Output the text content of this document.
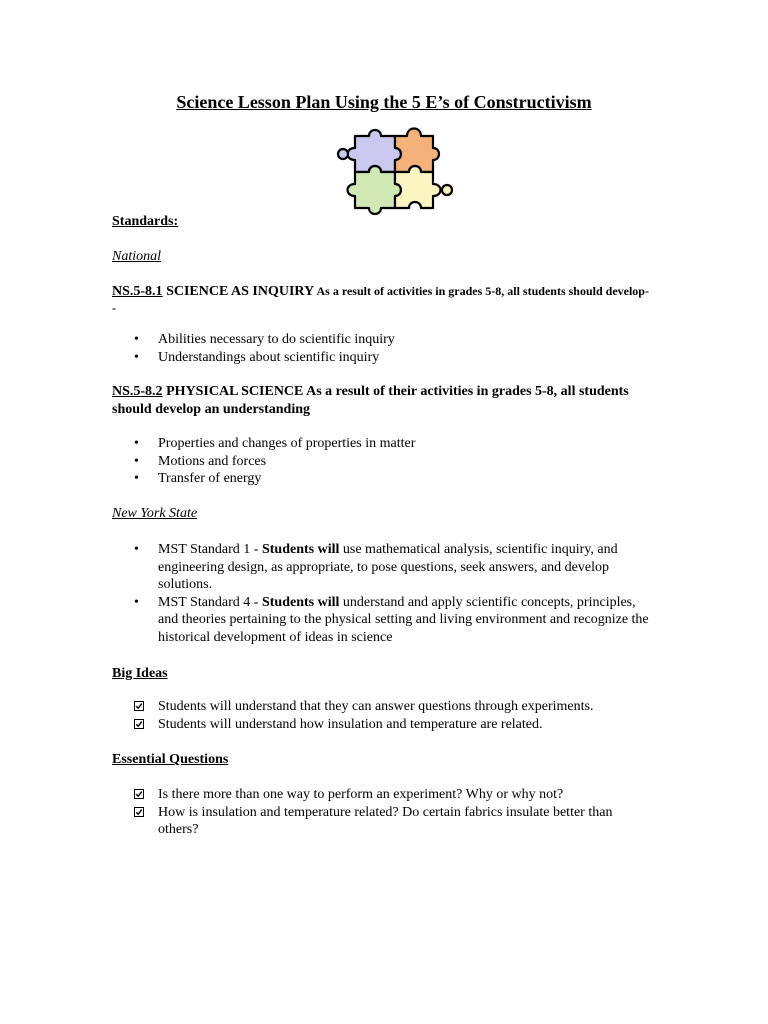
Science Lesson Plan Using the 5 E’s of Constructivism
Standards:
National
NS.5-8.1 SCIENCE AS INQUIRY As a result of activities in grades 5-8, all students should develop--
• Abilities necessary to do scientific inquiry
• Understandings about scientific inquiry
NS.5-8.2 PHYSICAL SCIENCE As a result of their activities in grades 5-8, all students should develop an understanding
• Properties and changes of properties in matter
• Motions and forces
• Transfer of energy
New York State
• MST Standard 1 - Students will use mathematical analysis, scientific inquiry, and engineering design, as appropriate, to pose questions, seek answers, and develop solutions.
• MST Standard 4 - Students will understand and apply scientific concepts, principles, and theories pertaining to the physical setting and living environment and recognize the historical development of ideas in science
Big Ideas
Students will understand that they can answer questions through experiments.
Students will understand how insulation and temperature are related.
Essential Questions
Is there more than one way to perform an experiment? Why or why not?
How is insulation and temperature related? Do certain fabrics insulate better than others?
